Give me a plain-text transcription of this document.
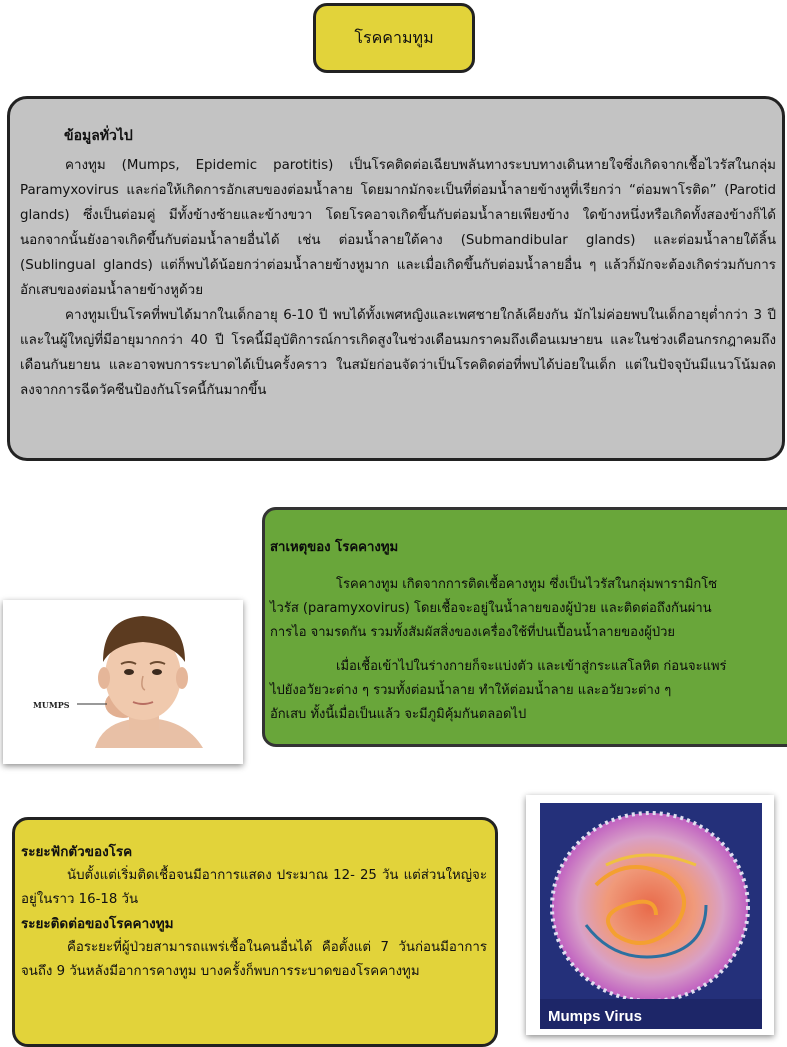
โรคคามทูม
ข้อมูลทั่วไป

คางทูม (Mumps, Epidemic parotitis) เป็นโรคติดต่อเฉียบพลันทางระบบทางเดินหายใจซึ่งเกิดจากเชื้อไวรัสในกลุ่ม Paramyxovirus และก่อให้เกิดการอักเสบของต่อมน้ำลาย โดยมากมักจะเป็นที่ต่อมน้ำลายข้างหูที่เรียกว่า “ต่อมพาโรติด” (Parotid glands) ซึ่งเป็นต่อมคู่ มีทั้งข้างซ้ายและข้างขวา โดยโรคอาจเกิดขึ้นกับต่อมน้ำลายเพียงข้าง ใดข้างหนึ่งหรือเกิดทั้งสองข้างก็ได้ นอกจากนั้นยังอาจเกิดขึ้นกับต่อมน้ำลายอื่นได้ เช่น ต่อมน้ำลายใต้คาง (Submandibular glands) และต่อมน้ำลายใต้ลิ้น (Sublingual glands) แต่ก็พบได้น้อยกว่าต่อมน้ำลายข้างหูมาก และเมื่อเกิดขึ้นกับต่อมน้ำลายอื่น ๆ แล้วก็มักจะต้องเกิดร่วมกับการอักเสบของต่อมน้ำลายข้างหูด้วย

คางทูมเป็นโรคที่พบได้มากในเด็กอายุ 6-10 ปี พบได้ทั้งเพศหญิงและเพศชายใกล้เคียงกัน มักไม่ค่อยพบในเด็กอายุต่ำกว่า 3 ปี และในผู้ใหญ่ที่มีอายุมากกว่า 40 ปี โรคนี้มีอุบัติการณ์การเกิดสูงในช่วงเดือนมกราคมถึงเดือนเมษายน และในช่วงเดือนกรกฎาคมถึงเดือนกันยายน และอาจพบการระบาดได้เป็นครั้งคราว ในสมัยก่อนจัดว่าเป็นโรคติดต่อที่พบได้บ่อยในเด็ก แต่ในปัจจุบันมีแนวโน้มลดลงจากการฉีดวัคซีนป้องกันโรคนี้กันมากขึ้น

สาเหตุของ โรคคางทูม

โรคคางทูม เกิดจากการติดเชื้อคางทูม ซึ่งเป็นไวรัสในกลุ่มพารามิกโซ
ไวรัส (paramyxovirus) โดยเชื้อจะอยู่ในน้ำลายของผู้ป่วย และติดต่อถึงกันผ่าน
การไอ จามรดกัน รวมทั้งสัมผัสสิ่งของเครื่องใช้ที่ปนเปื้อนน้ำลายของผู้ป่วย

เมื่อเชื้อเข้าไปในร่างกายก็จะแบ่งตัว และเข้าสู่กระแสโลหิต ก่อนจะแพร่
ไปยังอวัยวะต่าง ๆ รวมทั้งต่อมน้ำลาย ทำให้ต่อมน้ำลาย และอวัยวะต่าง ๆ
อักเสบ ทั้งนี้เมื่อเป็นแล้ว จะมีภูมิคุ้มกันตลอดไป

MUMPS
ระยะฟักตัวของโรค

นับตั้งแต่เริ่มติดเชื้อจนมีอาการแสดง ประมาณ 12- 25 วัน แต่ส่วนใหญ่จะอยู่ในราว 16-18 วัน

ระยะติดต่อของโรคคางทูม

คือระยะที่ผู้ป่วยสามารถแพร่เชื้อในคนอื่นได้ คือตั้งแต่ 7 วันก่อนมีอาการ จนถึง 9 วันหลังมีอาการคางทูม บางครั้งก็พบการระบาดของโรคคางทูม

Mumps Virus
